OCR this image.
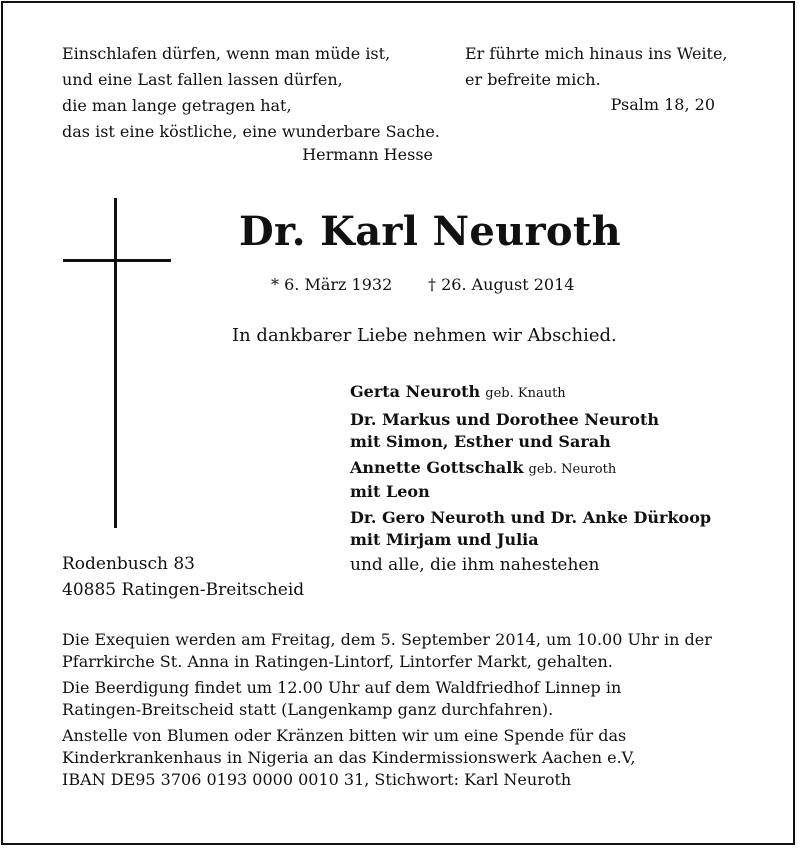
Einschlafen dürfen, wenn man müde ist,
und eine Last fallen lassen dürfen,
die man lange getragen hat,
das ist eine köstliche, eine wunderbare Sache.
Hermann Hesse
Er führte mich hinaus ins Weite,
er befreite mich.
Psalm 18, 20
Dr. Karl Neuroth
* 6. März 1932 † 26. August 2014
In dankbarer Liebe nehmen wir Abschied.
Gerta Neuroth geb. Knauth
Dr. Markus und Dorothee Neuroth
mit Simon, Esther und Sarah
Annette Gottschalk geb. Neuroth
mit Leon
Dr. Gero Neuroth und Dr. Anke Dürkoop
mit Mirjam und Julia
und alle, die ihm nahestehen
Rodenbusch 83
40885 Ratingen-Breitscheid

Die Exequien werden am Freitag, dem 5. September 2014, um 10.00 Uhr in der
Pfarrkirche St. Anna in Ratingen-Lintorf, Lintorfer Markt, gehalten.

Die Beerdigung findet um 12.00 Uhr auf dem Waldfriedhof Linnep in
Ratingen-Breitscheid statt (Langenkamp ganz durchfahren).

Anstelle von Blumen oder Kränzen bitten wir um eine Spende für das
Kinderkrankenhaus in Nigeria an das Kindermissionswerk Aachen e.V,
IBAN DE95 3706 0193 0000 0010 31, Stichwort: Karl Neuroth
